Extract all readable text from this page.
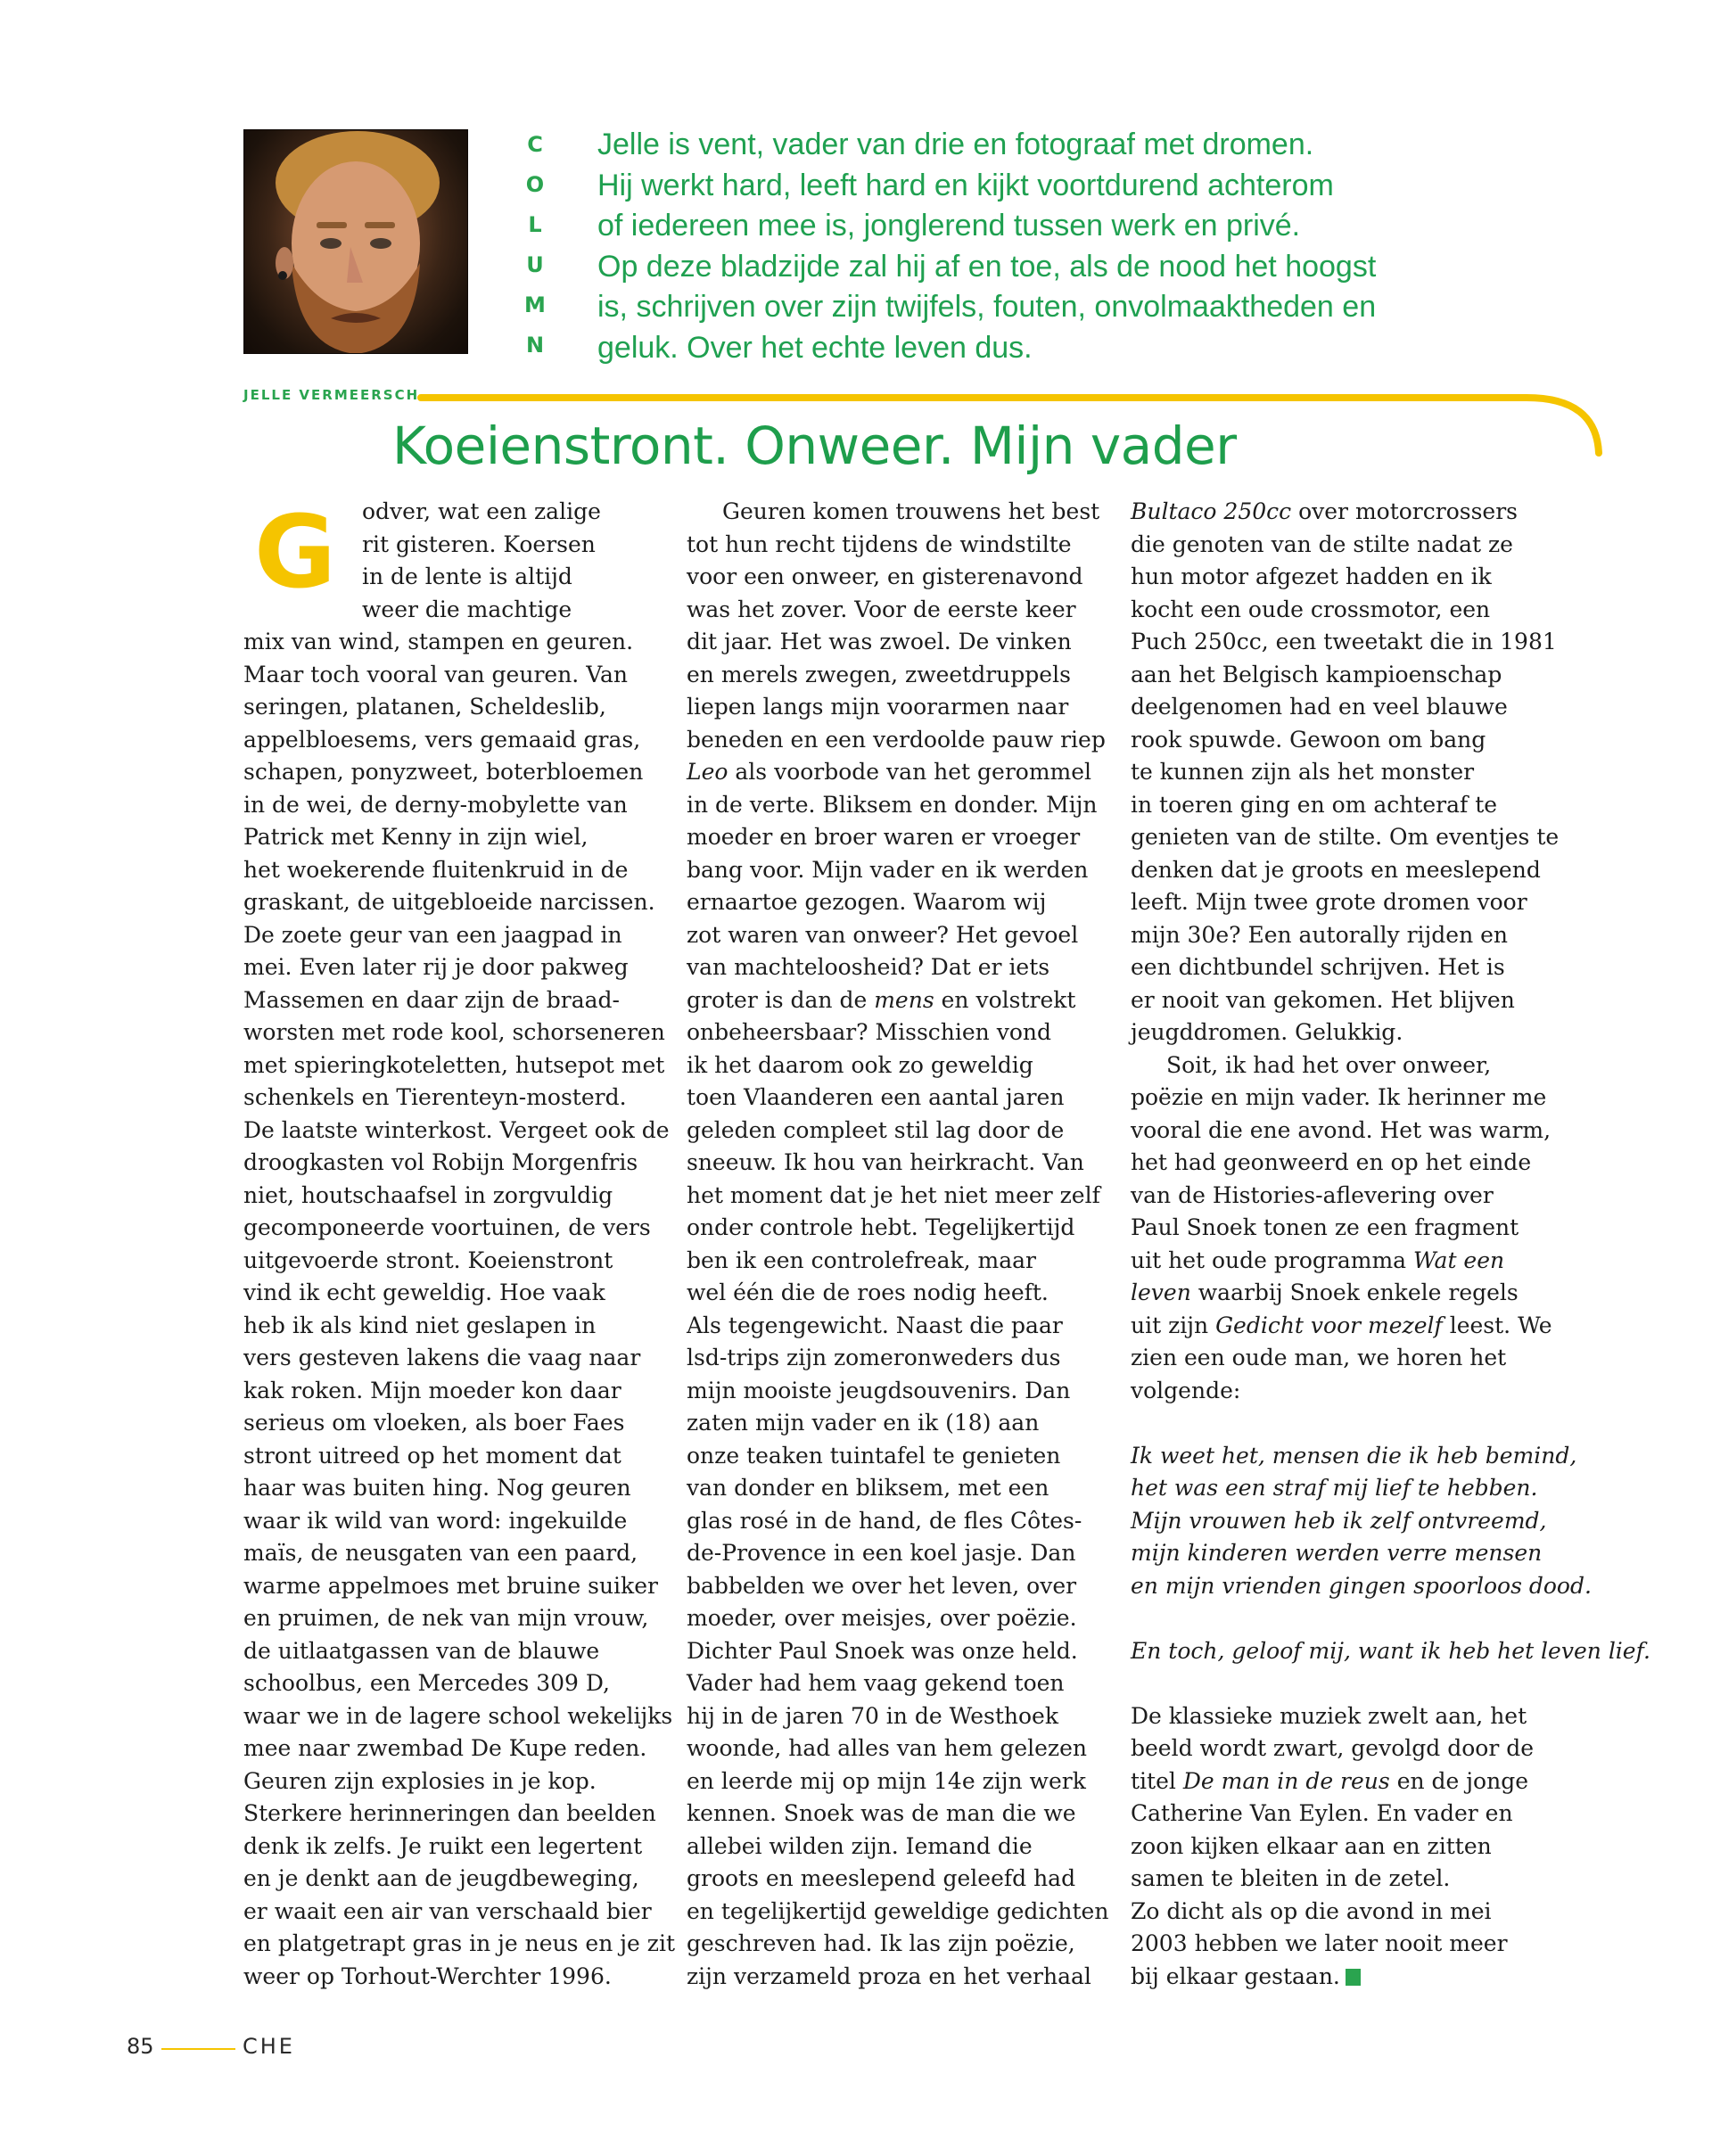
C
O
L
U
M
N
Jelle is vent, vader van drie en fotograaf met dromen.
Hij werkt hard, leeft hard en kijkt voortdurend achterom
of iedereen mee is, jonglerend tussen werk en privé.
Op deze bladzijde zal hij af en toe, als de nood het hoogst
is, schrijven over zijn twijfels, fouten, onvolmaaktheden en
geluk. Over het echte leven dus.
JELLE VERMEERSCH
Koeienstront. Onweer. Mijn vader
G	odver, wat een zalige
rit gisteren. Koersen
in de lente is altijd
weer die machtige
mix van wind, stampen en geuren.
Maar toch vooral van geuren. Van
seringen, platanen, Scheldeslib,
appelbloesems, vers gemaaid gras,
schapen, ponyzweet, boterbloemen
in de wei, de derny-mobylette van
Patrick met Kenny in zijn wiel,
het woekerende fluitenkruid in de
graskant, de uitgebloeide narcissen.
De zoete geur van een jaagpad in
mei. Even later rij je door pakweg
Massemen en daar zijn de braad-
worsten met rode kool, schorseneren
met spieringkoteletten, hutsepot met
schenkels en Tierenteyn-mosterd.
De laatste winterkost. Vergeet ook de
droogkasten vol Robijn Morgenfris
niet, houtschaafsel in zorgvuldig
gecomponeerde voortuinen, de vers
uitgevoerde stront. Koeienstront
vind ik echt geweldig. Hoe vaak
heb ik als kind niet geslapen in
vers gesteven lakens die vaag naar
kak roken. Mijn moeder kon daar
serieus om vloeken, als boer Faes
stront uitreed op het moment dat
haar was buiten hing. Nog geuren
waar ik wild van word: ingekuilde
maïs, de neusgaten van een paard,
warme appelmoes met bruine suiker
en pruimen, de nek van mijn vrouw,
de uitlaatgassen van de blauwe
schoolbus, een Mercedes 309 D,
waar we in de lagere school wekelijks
mee naar zwembad De Kupe reden.
Geuren zijn explosies in je kop.
Sterkere herinneringen dan beelden
denk ik zelfs. Je ruikt een legertent
en je denkt aan de jeugdbeweging,
er waait een air van verschaald bier
en platgetrapt gras in je neus en je zit
weer op Torhout-Werchter 1996.
Geuren komen trouwens het best
tot hun recht tijdens de windstilte
voor een onweer, en gisterenavond
was het zover. Voor de eerste keer
dit jaar. Het was zwoel. De vinken
en merels zwegen, zweetdruppels
liepen langs mijn voorarmen naar
beneden en een verdoolde pauw riep
Leo als voorbode van het gerommel
in de verte. Bliksem en donder. Mijn
moeder en broer waren er vroeger
bang voor. Mijn vader en ik werden
ernaartoe gezogen. Waarom wij
zot waren van onweer? Het gevoel
van machteloosheid? Dat er iets
groter is dan de mens en volstrekt
onbeheersbaar? Misschien vond
ik het daarom ook zo geweldig
toen Vlaanderen een aantal jaren
geleden compleet stil lag door de
sneeuw. Ik hou van heirkracht. Van
het moment dat je het niet meer zelf
onder controle hebt. Tegelijkertijd
ben ik een controlefreak, maar
wel één die de roes nodig heeft.
Als tegengewicht. Naast die paar
lsd-trips zijn zomeronweders dus
mijn mooiste jeugdsouvenirs. Dan
zaten mijn vader en ik (18) aan
onze teaken tuintafel te genieten
van donder en bliksem, met een
glas rosé in de hand, de fles Côtes-
de-Provence in een koel jasje. Dan
babbelden we over het leven, over
moeder, over meisjes, over poëzie.
Dichter Paul Snoek was onze held.
Vader had hem vaag gekend toen
hij in de jaren 70 in de Westhoek
woonde, had alles van hem gelezen
en leerde mij op mijn 14e zijn werk
kennen. Snoek was de man die we
allebei wilden zijn. Iemand die
groots en meeslepend geleefd had
en tegelijkertijd geweldige gedichten
geschreven had. Ik las zijn poëzie,
zijn verzameld proza en het verhaal
Bultaco 250cc over motorcrossers
die genoten van de stilte nadat ze
hun motor afgezet hadden en ik
kocht een oude crossmotor, een
Puch 250cc, een tweetakt die in 1981
aan het Belgisch kampioenschap
deelgenomen had en veel blauwe
rook spuwde. Gewoon om bang
te kunnen zijn als het monster
in toeren ging en om achteraf te
genieten van de stilte. Om eventjes te
denken dat je groots en meeslepend
leeft. Mijn twee grote dromen voor
mijn 30e? Een autorally rijden en
een dichtbundel schrijven. Het is
er nooit van gekomen. Het blijven
jeugddromen. Gelukkig.
Soit, ik had het over onweer,
poëzie en mijn vader. Ik herinner me
vooral die ene avond. Het was warm,
het had geonweerd en op het einde
van de Histories-aflevering over
Paul Snoek tonen ze een fragment
uit het oude programma Wat een
leven waarbij Snoek enkele regels
uit zijn Gedicht voor mezelf leest. We
zien een oude man, we horen het
volgende:
Ik weet het, mensen die ik heb bemind,
het was een straf mij lief te hebben.
Mijn vrouwen heb ik zelf ontvreemd,
mijn kinderen werden verre mensen
en mijn vrienden gingen spoorloos dood.
En toch, geloof mij, want ik heb het leven lief.
De klassieke muziek zwelt aan, het
beeld wordt zwart, gevolgd door de
titel De man in de reus en de jonge
Catherine Van Eylen. En vader en
zoon kijken elkaar aan en zitten
samen te bleiten in de zetel.
Zo dicht als op die avond in mei
2003 hebben we later nooit meer
bij elkaar gestaan.
85	CHE
